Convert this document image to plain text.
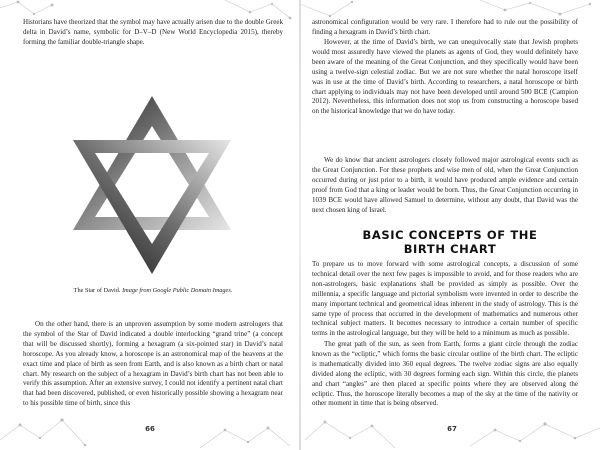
Historians have theorized that the symbol may have actually arisen due to the double Greek delta in David’s name, symbolic for D–V–D (New World Encyclopedia 2015), thereby forming the familiar double-triangle shape.

The Star of David. Image from Google Public Domain Images.

On the other hand, there is an unproven assumption by some modern astrologers that the symbol of the Star of David indicated a double interlocking “grand trine” (a concept that will be discussed shortly), forming a hexagram (a six-pointed star) in David’s natal horoscope. As you already know, a horoscope is an astronomical map of the heavens at the exact time and place of birth as seen from Earth, and is also known as a birth chart or natal chart. My research on the subject of a hexagram in David’s birth chart has not been able to verify this assumption. After an extensive survey, I could not identify a pertinent natal chart that had been discovered, published, or even historically possible showing a hexagram near to his possible time of birth, since this

66

astronomical configuration would be very rare. I therefore had to rule out the possibility of finding a hexagram in David’s birth chart.

However, at the time of David’s birth, we can unequivocally state that Jewish prophets would most assuredly have viewed the planets as agents of God, they would definitely have been aware of the meaning of the Great Conjunction, and they specifically would have been using a twelve-sign celestial zodiac. But we are not sure whether the natal horoscope itself was in use at the time of David’s birth. According to researchers, a natal horoscope or birth chart applying to individuals may not have been developed until around 500 BCE (Campion 2012). Nevertheless, this information does not stop us from constructing a horoscope based on the historical knowledge that we do have today.

We do know that ancient astrologers closely followed major astrological events such as the Great Conjunction. For these prophets and wise men of old, when the Great Conjunction occurred during or just prior to a birth, it would have produced ample evidence and certain proof from God that a king or leader would be born. Thus, the Great Conjunction occurring in 1039 BCE would have allowed Samuel to determine, without any doubt, that David was the next chosen king of Israel.

BASIC CONCEPTS OF THE BIRTH CHART

To prepare us to move forward with some astrological concepts, a discussion of some technical detail over the next few pages is impossible to avoid, and for those readers who are non-astrologers, basic explanations shall be provided as simply as possible. Over the millennia, a specific language and pictorial symbolism were invented in order to describe the many important technical and geometrical ideas inherent in the study of astrology. This is the same type of process that occurred in the development of mathematics and numerous other technical subject matters. It becomes necessary to introduce a certain number of specific terms in the astrological language, but they will be held to a minimum as much as possible.

The great path of the sun, as seen from Earth, forms a giant circle through the zodiac known as the “ecliptic,” which forms the basic circular outline of the birth chart. The ecliptic is mathematically divided into 360 equal degrees. The twelve zodiac signs are also equally divided along the ecliptic, with 30 degrees forming each sign. Within this circle, the planets and chart “angles” are then placed at specific points where they are observed along the ecliptic. Thus, the horoscope literally becomes a map of the sky at the time of the nativity or other moment in time that is being observed.

67
